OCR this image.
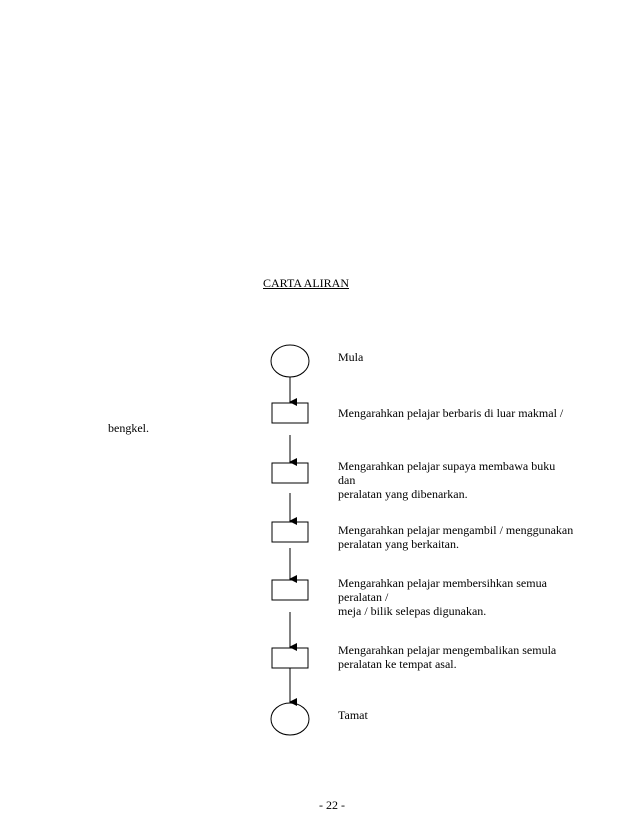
CARTA ALIRAN
Mula
Mengarahkan pelajar berbaris di luar makmal /
bengkel.
Mengarahkan pelajar supaya membawa buku
dan
peralatan yang dibenarkan.
Mengarahkan pelajar mengambil / menggunakan
peralatan yang berkaitan.
Mengarahkan pelajar membersihkan semua
peralatan /
meja / bilik selepas digunakan.
Mengarahkan pelajar mengembalikan semula
peralatan ke tempat asal.
Tamat
- 22 -
